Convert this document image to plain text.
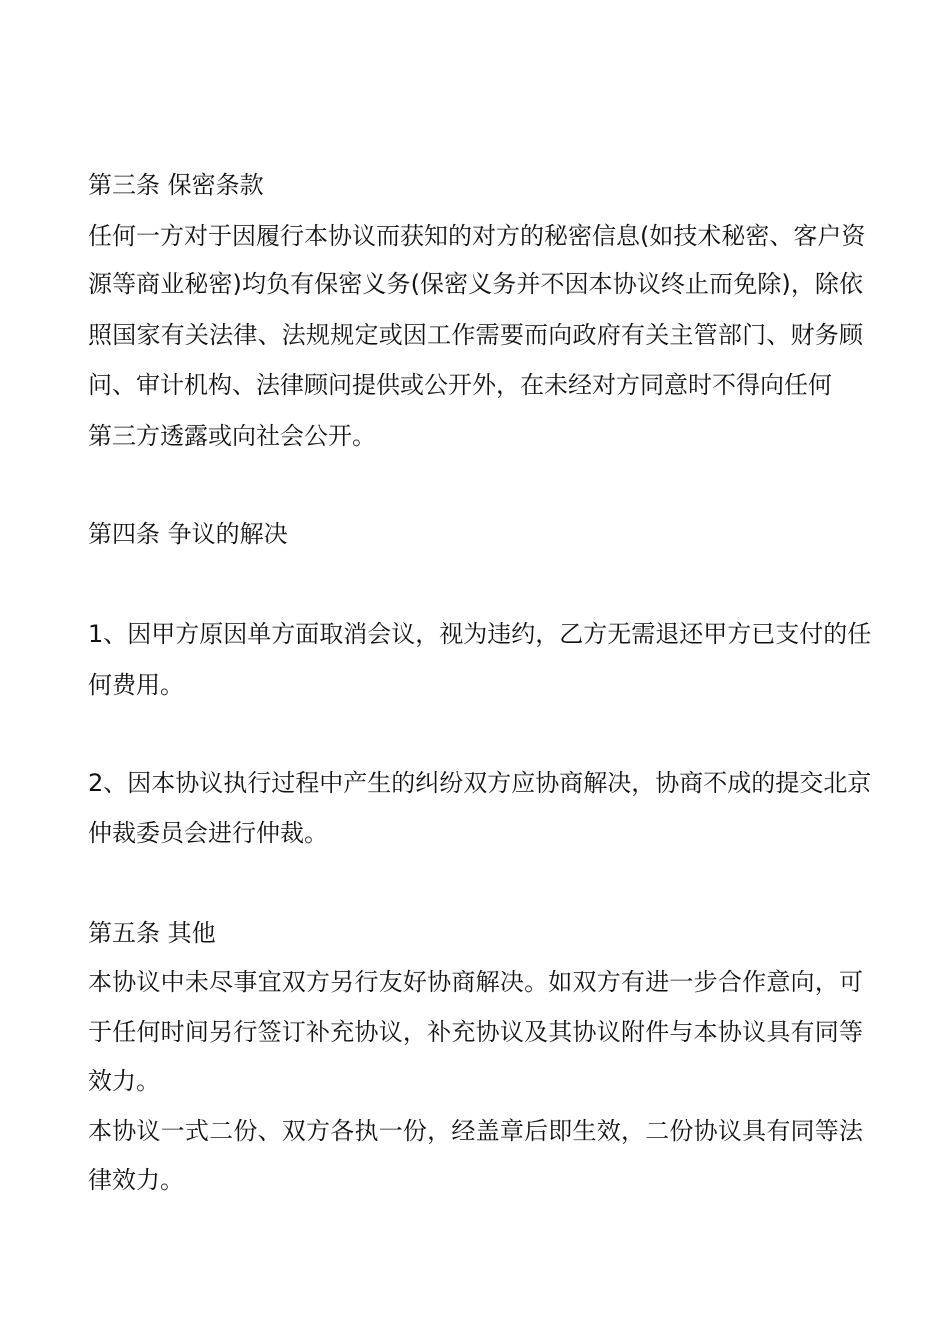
第三条 保密条款
任何一方对于因履行本协议而获知的对方的秘密信息(如技术秘密、客户资
源等商业秘密)均负有保密义务(保密义务并不因本协议终止而免除)，除依
照国家有关法律、法规规定或因工作需要而向政府有关主管部门、财务顾
问、审计机构、法律顾问提供或公开外，在未经对方同意时不得向任何
第三方透露或向社会公开。
第四条 争议的解决
1、因甲方原因单方面取消会议，视为违约，乙方无需退还甲方已支付的任
何费用。
2、因本协议执行过程中产生的纠纷双方应协商解决，协商不成的提交北京
仲裁委员会进行仲裁。
第五条 其他
本协议中未尽事宜双方另行友好协商解决。如双方有进一步合作意向，可
于任何时间另行签订补充协议，补充协议及其协议附件与本协议具有同等
效力。
本协议一式二份、双方各执一份，经盖章后即生效，二份协议具有同等法
律效力。
